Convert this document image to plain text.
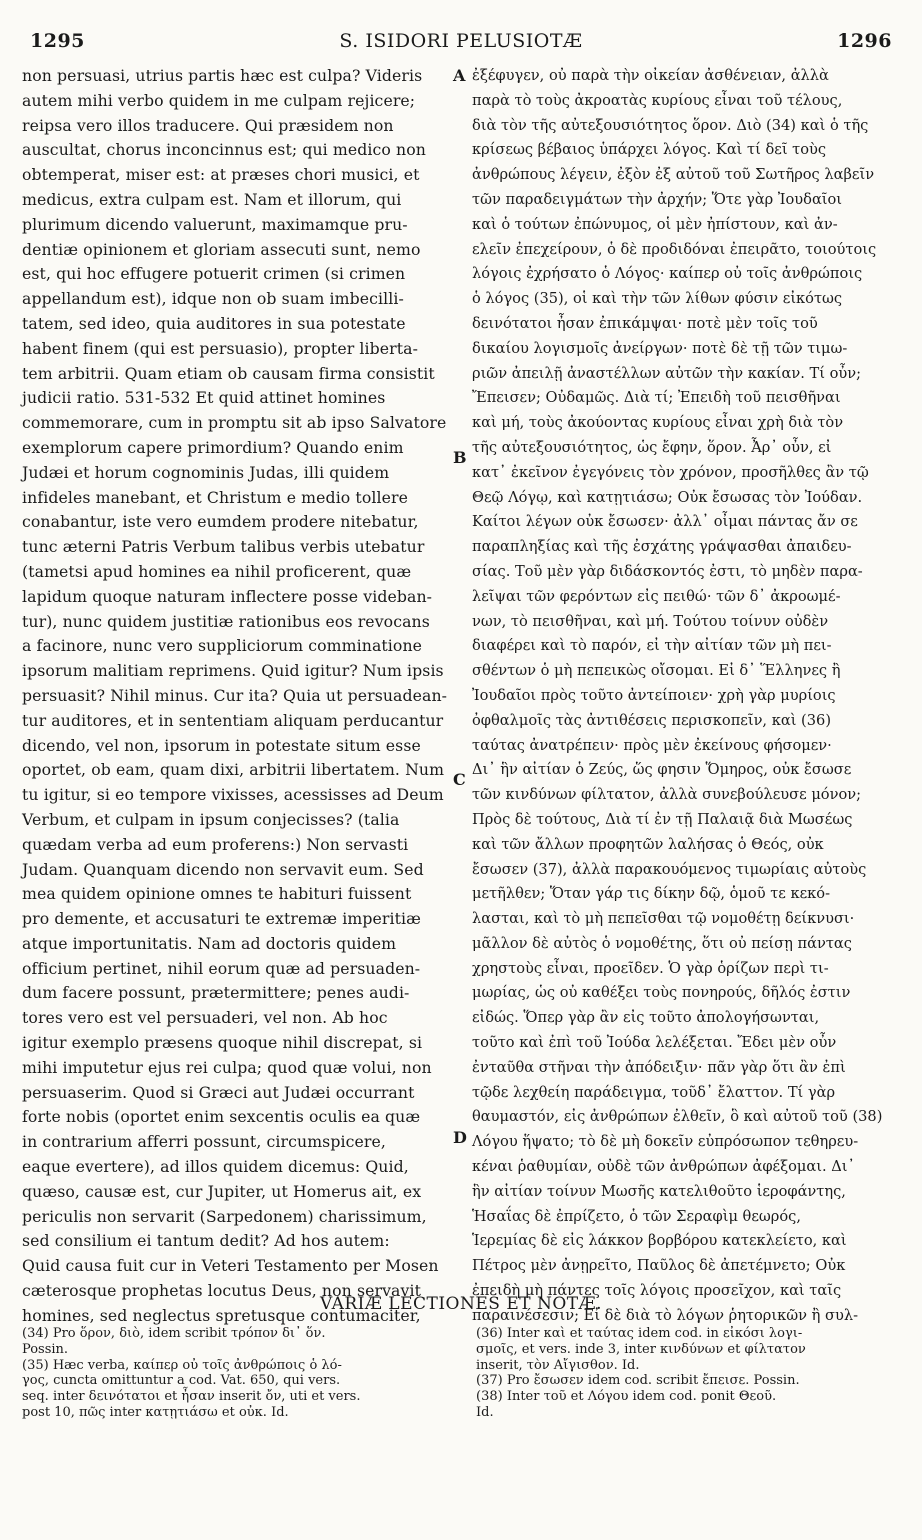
1295	S. ISIDORI PELUSIOTÆ	1296
non persuasi, utrius partis hæc est culpa? Videris
autem mihi verbo quidem in me culpam rejicere;
reipsa vero illos traducere. Qui præsidem non
auscultat, chorus inconcinnus est; qui medico non
obtemperat, miser est: at præses chori musici, et
medicus, extra culpam est. Nam et illorum, qui
plurimum dicendo valuerunt, maximamque pru-
dentiæ opinionem et gloriam assecuti sunt, nemo
est, qui hoc effugere potuerit crimen (si crimen
appellandum est), idque non ob suam imbecilli-
tatem, sed ideo, quia auditores in sua potestate
habent finem (qui est persuasio), propter liberta-
tem arbitrii. Quam etiam ob causam firma consistit
judicii ratio. 531-532 Et quid attinet homines
commemorare, cum in promptu sit ab ipso Salvatore
exemplorum capere primordium? Quando enim
Judæi et horum cognominis Judas, illi quidem
infideles manebant, et Christum e medio tollere
conabantur, iste vero eumdem prodere nitebatur,
tunc æterni Patris Verbum talibus verbis utebatur
(tametsi apud homines ea nihil proficerent, quæ
lapidum quoque naturam inflectere posse videban-
tur), nunc quidem justitiæ rationibus eos revocans
a facinore, nunc vero suppliciorum comminatione
ipsorum malitiam reprimens. Quid igitur? Num ipsis
persuasit? Nihil minus. Cur ita? Quia ut persuadean-
tur auditores, et in sententiam aliquam perducantur
dicendo, vel non, ipsorum in potestate situm esse
oportet, ob eam, quam dixi, arbitrii libertatem. Num
tu igitur, si eo tempore vixisses, acessisses ad Deum
Verbum, et culpam in ipsum conjecisses? (talia
quædam verba ad eum proferens:) Non servasti
Judam. Quanquam dicendo non servavit eum. Sed
mea quidem opinione omnes te habituri fuissent
pro demente, et accusaturi te extremæ imperitiæ
atque importunitatis. Nam ad doctoris quidem
officium pertinet, nihil eorum quæ ad persuaden-
dum facere possunt, prætermittere; penes audi-
tores vero est vel persuaderi, vel non. Ab hoc
igitur exemplo præsens quoque nihil discrepat, si
mihi imputetur ejus rei culpa; quod quæ volui, non
persuaserim. Quod si Græci aut Judæi occurrant
forte nobis (oportet enim sexcentis oculis ea quæ
in contrarium afferri possunt, circumspicere,
eaque evertere), ad illos quidem dicemus: Quid,
quæso, causæ est, cur Jupiter, ut Homerus ait, ex
periculis non servarit (Sarpedonem) charissimum,
sed consilium ei tantum dedit? Ad hos autem:
Quid causa fuit cur in Veteri Testamento per Mosen
cæterosque prophetas locutus Deus, non servavit
homines, sed neglectus spretusque contumaciter,
ἐξέφυγεν, οὐ παρὰ τὴν οἰκείαν ἀσθένειαν, ἀλλὰ
παρὰ τὸ τοὺς ἀκροατὰς κυρίους εἶναι τοῦ τέλους,
διὰ τὸν τῆς αὐτεξουσιότητος ὅρον. Διὸ (34) καὶ ὁ τῆς
κρίσεως βέβαιος ὑπάρχει λόγος. Καὶ τί δεῖ τοὺς
ἀνθρώπους λέγειν, ἐξὸν ἐξ αὐτοῦ τοῦ Σωτῆρος λαβεῖν
τῶν παραδειγμάτων τὴν ἀρχήν; Ὅτε γὰρ Ἰουδαῖοι
καὶ ὁ τούτων ἐπώνυμος, οἱ μὲν ἠπίστουν, καὶ ἀν-
ελεῖν ἐπεχείρουν, ὁ δὲ προδιδόναι ἐπειρᾶτο, τοιούτοις
λόγοις ἐχρήσατο ὁ Λόγος· καίπερ οὐ τοῖς ἀνθρώποις
ὁ λόγος (35), οἱ καὶ τὴν τῶν λίθων φύσιν εἰκότως
δεινότατοι ἦσαν ἐπικάμψαι· ποτὲ μὲν τοῖς τοῦ
δικαίου λογισμοῖς ἀνείργων· ποτὲ δὲ τῇ τῶν τιμω-
ριῶν ἀπειλῇ ἀναστέλλων αὐτῶν τὴν κακίαν. Τί οὖν;
Ἔπεισεν; Οὐδαμῶς. Διὰ τί; Ἐπειδὴ τοῦ πεισθῆναι
καὶ μή, τοὺς ἀκούοντας κυρίους εἶναι χρὴ διὰ τὸν
τῆς αὐτεξουσιότητος, ὡς ἔφην, ὅρον. Ἆρ᾽ οὖν, εἰ
κατ᾽ ἐκεῖνον ἐγεγόνεις τὸν χρόνον, προσῆλθες ἂν τῷ
Θεῷ Λόγῳ, καὶ κατῃτιάσω; Οὐκ ἔσωσας τὸν Ἰούδαν.
Καίτοι λέγων οὐκ ἔσωσεν· ἀλλ᾽ οἶμαι πάντας ἄν σε
παραπληξίας καὶ τῆς ἐσχάτης γράψασθαι ἀπαιδευ-
σίας. Τοῦ μὲν γὰρ διδάσκοντός ἐστι, τὸ μηδὲν παρα-
λεῖψαι τῶν φερόντων εἰς πειθώ· τῶν δ᾽ ἀκροωμέ-
νων, τὸ πεισθῆναι, καὶ μή. Τούτου τοίνυν οὐδὲν
διαφέρει καὶ τὸ παρόν, εἰ τὴν αἰτίαν τῶν μὴ πει-
σθέντων ὁ μὴ πεπεικὼς οἴσομαι. Εἰ δ᾽ Ἕλληνες ἢ
Ἰουδαῖοι πρὸς τοῦτο ἀντείποιεν· χρὴ γὰρ μυρίοις
ὀφθαλμοῖς τὰς ἀντιθέσεις περισκοπεῖν, καὶ (36)
ταύτας ἀνατρέπειν· πρὸς μὲν ἐκείνους φήσομεν·
Δι᾽ ἣν αἰτίαν ὁ Ζεύς, ὥς φησιν Ὅμηρος, οὐκ ἔσωσε
τῶν κινδύνων φίλτατον, ἀλλὰ συνεβούλευσε μόνον;
Πρὸς δὲ τούτους, Διὰ τί ἐν τῇ Παλαιᾷ διὰ Μωσέως
καὶ τῶν ἄλλων προφητῶν λαλήσας ὁ Θεός, οὐκ
ἔσωσεν (37), ἀλλὰ παρακουόμενος τιμωρίαις αὐτοὺς
μετῆλθεν; Ὅταν γάρ τις δίκην δῷ, ὁμοῦ τε κεκό-
λασται, καὶ τὸ μὴ πεπεῖσθαι τῷ νομοθέτῃ δείκνυσι·
μᾶλλον δὲ αὐτὸς ὁ νομοθέτης, ὅτι οὐ πείσῃ πάντας
χρηστοὺς εἶναι, προεῖδεν. Ὁ γὰρ ὁρίζων περὶ τι-
μωρίας, ὡς οὐ καθέξει τοὺς πονηρούς, δῆλός ἐστιν
εἰδώς. Ὅπερ γὰρ ἂν εἰς τοῦτο ἀπολογήσωνται,
τοῦτο καὶ ἐπὶ τοῦ Ἰούδα λελέξεται. Ἔδει μὲν οὖν
ἐνταῦθα στῆναι τὴν ἀπόδειξιν· πᾶν γὰρ ὅτι ἂν ἐπὶ
τῷδε λεχθείη παράδειγμα, τοῦδ᾽ ἔλαττον. Τί γὰρ
θαυμαστόν, εἰς ἀνθρώπων ἐλθεῖν, ὃ καὶ αὐτοῦ τοῦ (38)
Λόγου ἥψατο; τὸ δὲ μὴ δοκεῖν εὐπρόσωπον τεθηρευ-
κέναι ῥαθυμίαν, οὐδὲ τῶν ἀνθρώπων ἀφέξομαι. Δι᾽
ἣν αἰτίαν τοίνυν Μωσῆς κατελιθοῦτο ἱεροφάντης,
Ἡσαΐας δὲ ἐπρίζετο, ὁ τῶν Σεραφὶμ θεωρός,
Ἱερεμίας δὲ εἰς λάκκον βορβόρου κατεκλείετο, καὶ
Πέτρος μὲν ἀνῃρεῖτο, Παῦλος δὲ ἀπετέμνετο; Οὐκ
ἐπειδὴ μὴ πάντες τοῖς λόγοις προσεῖχον, καὶ ταῖς
παραινέσεσιν; Εἰ δὲ διὰ τὸ λόγων ῥητορικῶν ἢ συλ-
A
B
C
D
VARIÆ LECTIONES ET NOTÆ.
(34) Pro ὅρον, διὸ, idem scribit τρόπον δι᾽ ὅν.
Possin.
(35) Hæc verba, καίπερ οὐ τοῖς ἀνθρώποις ὁ λό-
γος, cuncta omittuntur a cod. Vat. 650, qui vers.
seq. inter δεινότατοι et ἦσαν inserit ὄν, uti et vers.
post 10, πῶς inter κατῃτιάσω et οὐκ. Id.
(36) Inter καὶ et ταύτας idem cod. in εἰκόσι λογι-
σμοῖς, et vers. inde 3, inter κινδύνων et φίλτατον
inserit, τὸν Αἴγισθον. Id.
(37) Pro ἔσωσεν idem cod. scribit ἔπεισε. Possin.
(38) Inter τοῦ et Λόγου idem cod. ponit Θεοῦ.
Id.
